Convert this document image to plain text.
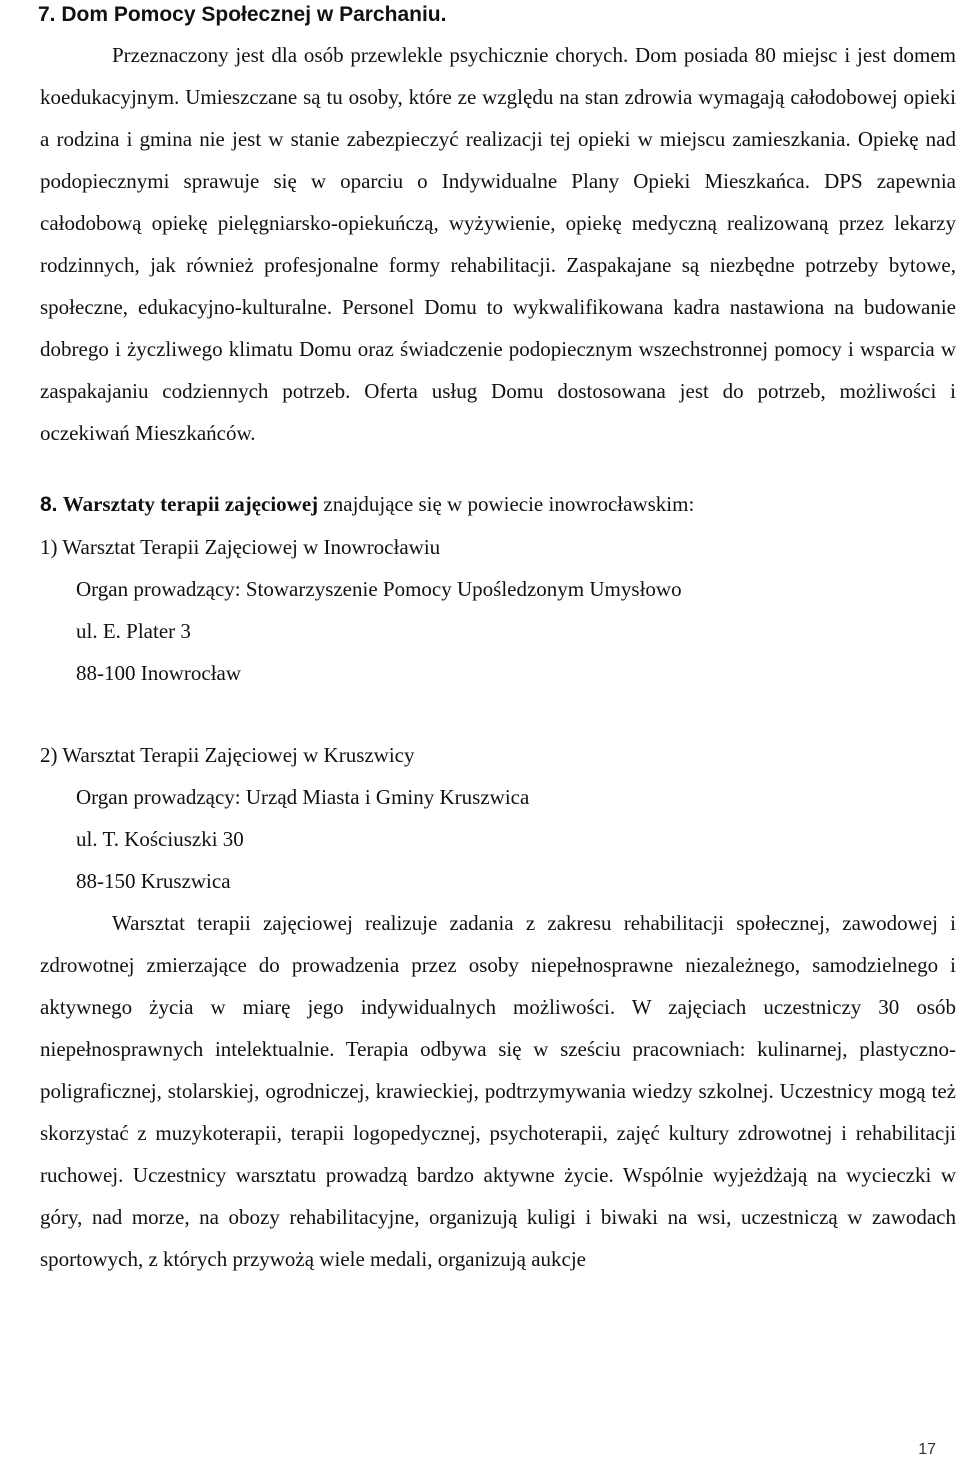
7. Dom Pomocy Społecznej w Parchaniu.

Przeznaczony jest dla osób przewlekle psychicznie chorych. Dom posiada 80 miejsc i jest domem koedukacyjnym. Umieszczane są tu osoby, które ze względu na stan zdrowia wymagają całodobowej opieki a rodzina i gmina nie jest w stanie zabezpieczyć realizacji tej opieki w miejscu zamieszkania. Opiekę nad podopiecznymi sprawuje się w oparciu o Indywidualne Plany Opieki Mieszkańca. DPS zapewnia całodobową opiekę pielęgniarsko-opiekuńczą, wyżywienie, opiekę medyczną realizowaną przez lekarzy rodzinnych, jak również profesjonalne formy rehabilitacji. Zaspakajane są niezbędne potrzeby bytowe, społeczne, edukacyjno-kulturalne. Personel Domu to wykwalifikowana kadra nastawiona na budowanie dobrego i życzliwego klimatu Domu oraz świadczenie podopiecznym wszechstronnej pomocy i wsparcia w zaspakajaniu codziennych potrzeb. Oferta usług Domu dostosowana jest do potrzeb, możliwości i oczekiwań Mieszkańców.

8. Warsztaty terapii zajęciowej znajdujące się w powiecie inowrocławskim:

1) Warsztat Terapii Zajęciowej w Inowrocławiu

Organ prowadzący: Stowarzyszenie Pomocy Upośledzonym Umysłowo

ul. E. Plater 3

88-100 Inowrocław

2) Warsztat Terapii Zajęciowej w Kruszwicy

Organ prowadzący: Urząd Miasta i Gminy Kruszwica

ul. T. Kościuszki 30

88-150 Kruszwica

Warsztat terapii zajęciowej realizuje zadania z zakresu rehabilitacji społecznej, zawodowej i zdrowotnej zmierzające do prowadzenia przez osoby niepełnosprawne niezależnego, samodzielnego i aktywnego życia w miarę jego indywidualnych możliwości. W zajęciach uczestniczy 30 osób niepełnosprawnych intelektualnie. Terapia odbywa się w sześciu pracowniach: kulinarnej, plastyczno-poligraficznej, stolarskiej, ogrodniczej, krawieckiej, podtrzymywania wiedzy szkolnej. Uczestnicy mogą też skorzystać z muzykoterapii, terapii logopedycznej, psychoterapii, zajęć kultury zdrowotnej i rehabilitacji ruchowej. Uczestnicy warsztatu prowadzą bardzo aktywne życie. Wspólnie wyjeżdżają na wycieczki w góry, nad morze, na obozy rehabilitacyjne, organizują kuligi i biwaki na wsi, uczestniczą w zawodach sportowych, z których przywożą wiele medali, organizują aukcje

17
